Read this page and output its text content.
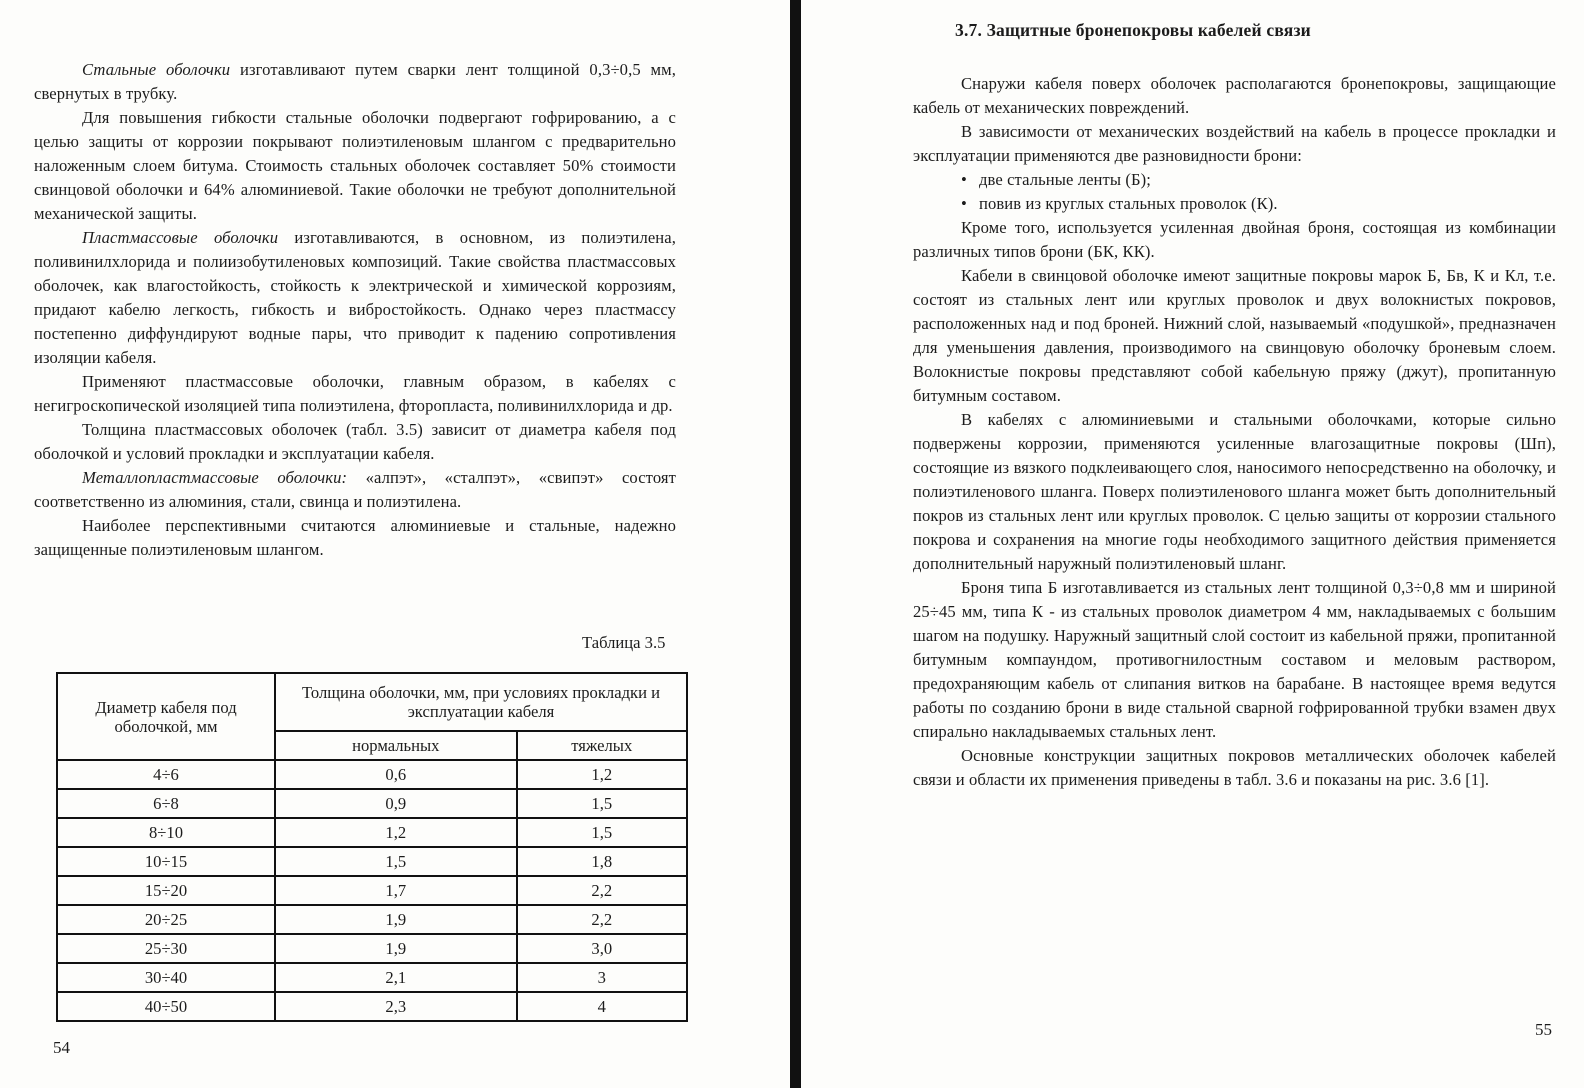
Стальные оболочки изготавливают путем сварки лент толщиной 0,3÷0,5 мм, свернутых в трубку.

Для повышения гибкости стальные оболочки подвергают гофрированию, а с целью защиты от коррозии покрывают полиэтиленовым шлангом с предварительно наложенным слоем битума. Стоимость стальных оболочек составляет 50% стоимости свинцовой оболочки и 64% алюминиевой. Такие оболочки не требуют дополнительной механической защиты.

Пластмассовые оболочки изготавливаются, в основном, из полиэтилена, поливинилхлорида и полиизобутиленовых композиций. Такие свойства пластмассовых оболочек, как влагостойкость, стойкость к электрической и химической коррозиям, придают кабелю легкость, гибкость и вибростойкость. Однако через пластмассу постепенно диффундируют водные пары, что приводит к падению сопротивления изоляции кабеля.

Применяют пластмассовые оболочки, главным образом, в кабелях с негигроскопической изоляцией типа полиэтилена, фторопласта, поливинилхлорида и др.

Толщина пластмассовых оболочек (табл. 3.5) зависит от диаметра кабеля под оболочкой и условий прокладки и эксплуатации кабеля.

Металлопластмассовые оболочки: «алпэт», «сталпэт», «свипэт» состоят соответственно из алюминия, стали, свинца и полиэтилена.

Наиболее перспективными считаются алюминиевые и стальные, надежно защищенные полиэтиленовым шлангом.

Таблица 3.5
Диаметр кабеля под оболочкой, мм	Толщина оболочки, мм, при условиях прокладки и эксплуатации кабеля	
	нормальных	тяжелых
4÷6	0,6	1,2
6÷8	0,9	1,5
8÷10	1,2	1,5
10÷15	1,5	1,8
15÷20	1,7	2,2
20÷25	1,9	2,2
25÷30	1,9	3,0
30÷40	2,1	3
40÷50	2,3	4
54
3.7. Защитные бронепокровы кабелей связи

Снаружи кабеля поверх оболочек располагаются бронепокровы, защищающие кабель от механических повреждений.

В зависимости от механических воздействий на кабель в процессе прокладки и эксплуатации применяются две разновидности брони:

• две стальные ленты (Б);
• повив из круглых стальных проволок (К).

Кроме того, используется усиленная двойная броня, состоящая из комбинации различных типов брони (БК, КК).

Кабели в свинцовой оболочке имеют защитные покровы марок Б, Бв, К и Кл, т.е. состоят из стальных лент или круглых проволок и двух волокнистых покровов, расположенных над и под броней. Нижний слой, называемый «подушкой», предназначен для уменьшения давления, производимого на свинцовую оболочку броневым слоем. Волокнистые покровы представляют собой кабельную пряжу (джут), пропитанную битумным составом.

В кабелях с алюминиевыми и стальными оболочками, которые сильно подвержены коррозии, применяются усиленные влагозащитные покровы (Шп), состоящие из вязкого подклеивающего слоя, наносимого непосредственно на оболочку, и полиэтиленового шланга. Поверх полиэтиленового шланга может быть дополнительный покров из стальных лент или круглых проволок. С целью защиты от коррозии стального покрова и сохранения на многие годы необходимого защитного действия применяется дополнительный наружный полиэтиленовый шланг.

Броня типа Б изготавливается из стальных лент толщиной 0,3÷0,8 мм и шириной 25÷45 мм, типа К - из стальных проволок диаметром 4 мм, накладываемых с большим шагом на подушку. Наружный защитный слой состоит из кабельной пряжи, пропитанной битумным компаундом, противогнилостным составом и меловым раствором, предохраняющим кабель от слипания витков на барабане. В настоящее время ведутся работы по созданию брони в виде стальной сварной гофрированной трубки взамен двух спирально накладываемых стальных лент.

Основные конструкции защитных покровов металлических оболочек кабелей связи и области их применения приведены в табл. 3.6 и показаны на рис. 3.6 [1].

55
